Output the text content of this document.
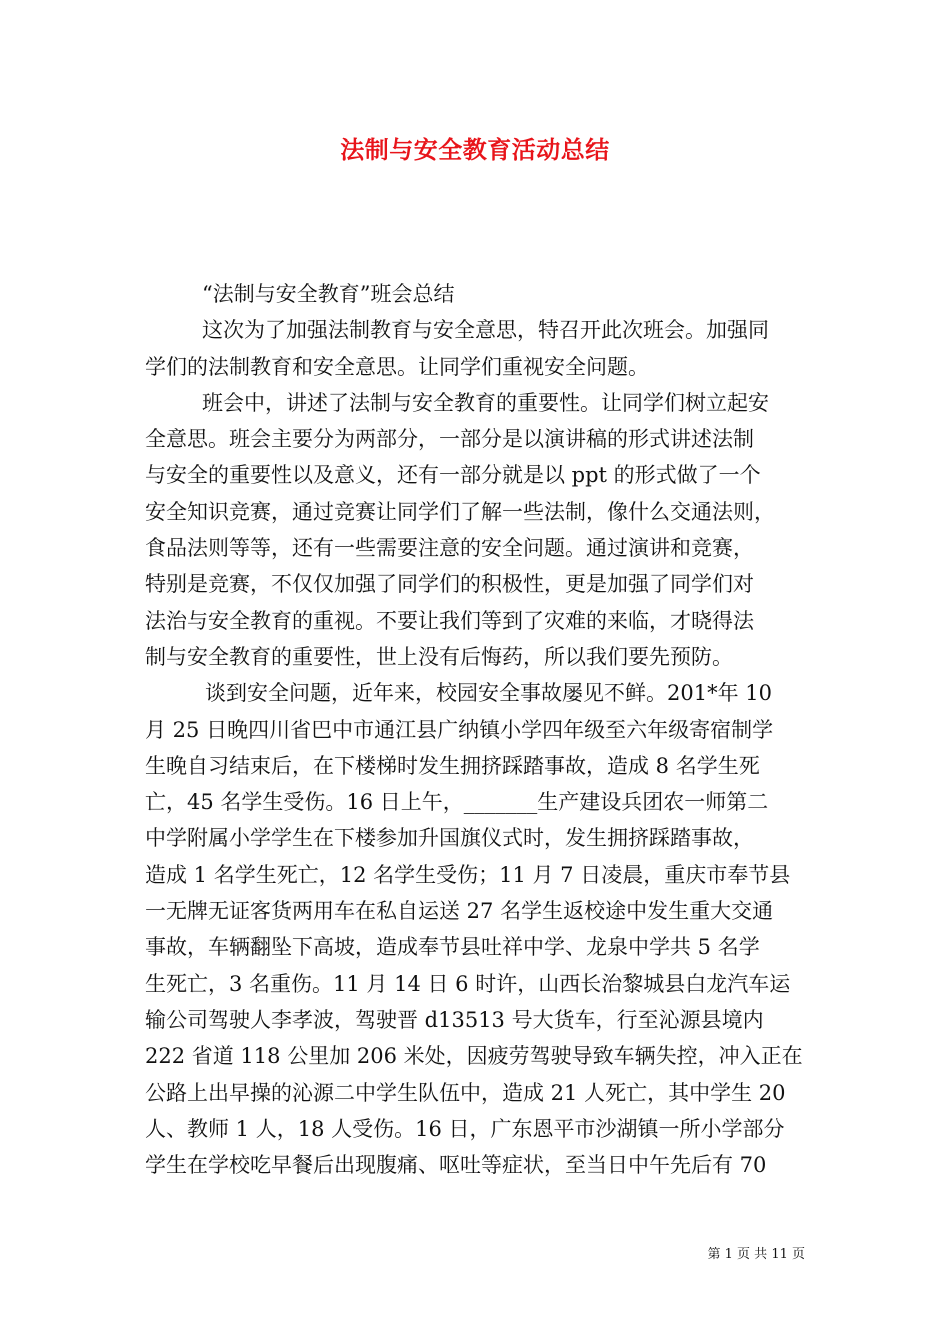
法制与安全教育活动总结
“法制与安全教育”班会总结
这次为了加强法制教育与安全意思，特召开此次班会。加强同
学们的法制教育和安全意思。让同学们重视安全问题。
班会中，讲述了法制与安全教育的重要性。让同学们树立起安
全意思。班会主要分为两部分，一部分是以演讲稿的形式讲述法制
与安全的重要性以及意义，还有一部分就是以 ppt 的形式做了一个
安全知识竞赛，通过竞赛让同学们了解一些法制，像什么交通法则，
食品法则等等，还有一些需要注意的安全问题。通过演讲和竞赛，
特别是竞赛，不仅仅加强了同学们的积极性，更是加强了同学们对
法治与安全教育的重视。不要让我们等到了灾难的来临，才晓得法
制与安全教育的重要性，世上没有后悔药，所以我们要先预防。
谈到安全问题，近年来，校园安全事故屡见不鲜。201*年 10
月 25 日晚四川省巴中市通江县广纳镇小学四年级至六年级寄宿制学
生晚自习结束后，在下楼梯时发生拥挤踩踏事故，造成 8 名学生死
亡，45 名学生受伤。16 日上午，_______生产建设兵团农一师第二
中学附属小学学生在下楼参加升国旗仪式时，发生拥挤踩踏事故，
造成 1 名学生死亡，12 名学生受伤；11 月 7 日凌晨，重庆市奉节县
一无牌无证客货两用车在私自运送 27 名学生返校途中发生重大交通
事故，车辆翻坠下高坡，造成奉节县吐祥中学、龙泉中学共 5 名学
生死亡，3 名重伤。11 月 14 日 6 时许，山西长治黎城县白龙汽车运
输公司驾驶人李孝波，驾驶晋 d13513 号大货车，行至沁源县境内
222 省道 118 公里加 206 米处，因疲劳驾驶导致车辆失控，冲入正在
公路上出早操的沁源二中学生队伍中，造成 21 人死亡，其中学生 20
人、教师 1 人，18 人受伤。16 日，广东恩平市沙湖镇一所小学部分
学生在学校吃早餐后出现腹痛、呕吐等症状，至当日中午先后有 70
第 1 页 共 11 页
